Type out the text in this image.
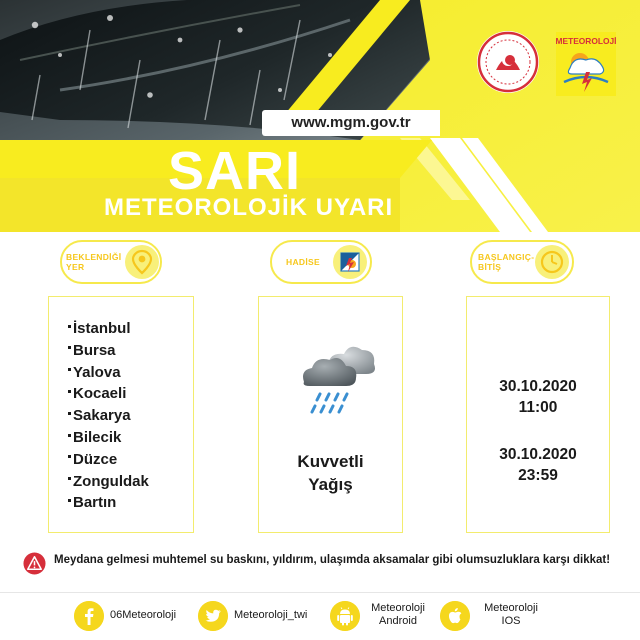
www.mgm.gov.tr
SARI
METEOROLOJİK UYARI
METEOROLOJİ
BEKLENDİĞİ
YER	HADİSE	BAŞLANGIÇ-
BİTİŞ
İstanbul
Bursa
Yalova
Kocaeli
Sakarya
Bilecik
Düzce
Zonguldak
Bartın
Kuvvetli
Yağış
30.10.2020
11:00
30.10.2020
23:59
Meydana gelmesi muhtemel su baskını, yıldırım, ulaşımda aksamalar gibi olumsuzluklara karşı dikkat!
06Meteoroloji	Meteoroloji_twi
Meteoroloji
Android
Meteoroloji
IOS
